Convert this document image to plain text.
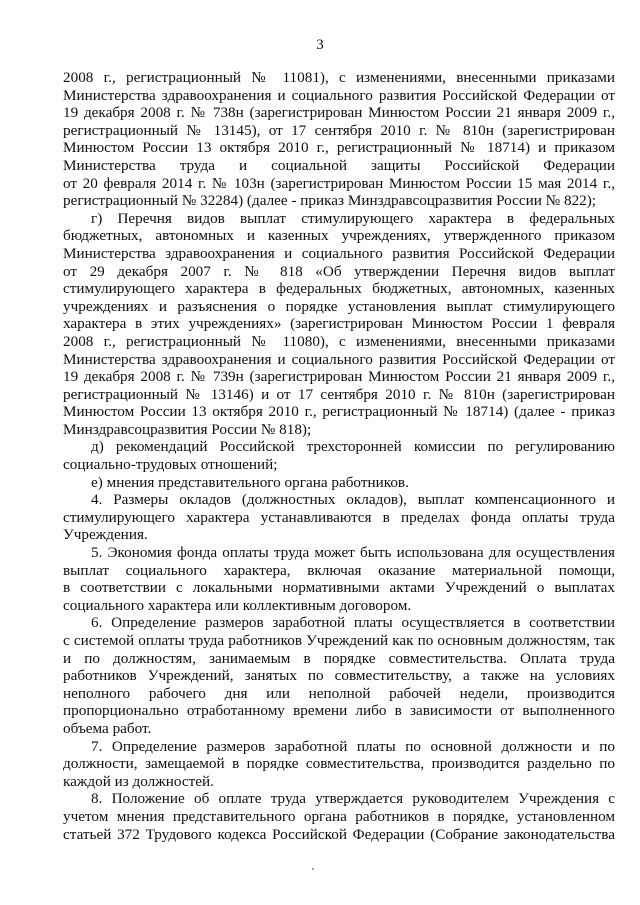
3
2008 г., регистрационный № 11081), с изменениями, внесенными приказами
Министерства здравоохранения и социального развития Российской Федерации от
19 декабря 2008 г. № 738н (зарегистрирован Минюстом России 21 января 2009 г.,
регистрационный № 13145), от 17 сентября 2010 г. № 810н (зарегистрирован
Минюстом России 13 октября 2010 г., регистрационный № 18714) и приказом
Министерства труда и социальной защиты Российской Федерации
от 20 февраля 2014 г. № 103н (зарегистрирован Минюстом России 15 мая 2014 г.,
регистрационный № 32284) (далее - приказ Минздравсоцразвития России № 822);
г) Перечня видов выплат стимулирующего характера в федеральных
бюджетных, автономных и казенных учреждениях, утвержденного приказом
Министерства здравоохранения и социального развития Российской Федерации
от 29 декабря 2007 г. № 818 «Об утверждении Перечня видов выплат
стимулирующего характера в федеральных бюджетных, автономных, казенных
учреждениях и разъяснения о порядке установления выплат стимулирующего
характера в этих учреждениях» (зарегистрирован Минюстом России 1 февраля
2008 г., регистрационный № 11080), с изменениями, внесенными приказами
Министерства здравоохранения и социального развития Российской Федерации от
19 декабря 2008 г. № 739н (зарегистрирован Минюстом России 21 января 2009 г.,
регистрационный № 13146) и от 17 сентября 2010 г. № 810н (зарегистрирован
Минюстом России 13 октября 2010 г., регистрационный № 18714) (далее - приказ
Минздравсоцразвития России № 818);
д) рекомендаций Российской трехсторонней комиссии по регулированию
социально-трудовых отношений;
е) мнения представительного органа работников.
4. Размеры окладов (должностных окладов), выплат компенсационного и
стимулирующего характера устанавливаются в пределах фонда оплаты труда
Учреждения.
5. Экономия фонда оплаты труда может быть использована для осуществления
выплат социального характера, включая оказание материальной помощи,
в соответствии с локальными нормативными актами Учреждений о выплатах
социального характера или коллективным договором.
6. Определение размеров заработной платы осуществляется в соответствии
с системой оплаты труда работников Учреждений как по основным должностям, так
и по должностям, занимаемым в порядке совместительства. Оплата труда
работников Учреждений, занятых по совместительству, а также на условиях
неполного рабочего дня или неполной рабочей недели, производится
пропорционально отработанному времени либо в зависимости от выполненного
объема работ.
7. Определение размеров заработной платы по основной должности и по
должности, замещаемой в порядке совместительства, производится раздельно по
каждой из должностей.
8. Положение об оплате труда утверждается руководителем Учреждения с
учетом мнения представительного органа работников в порядке, установленном
статьей 372 Трудового кодекса Российской Федерации (Собрание законодательства
